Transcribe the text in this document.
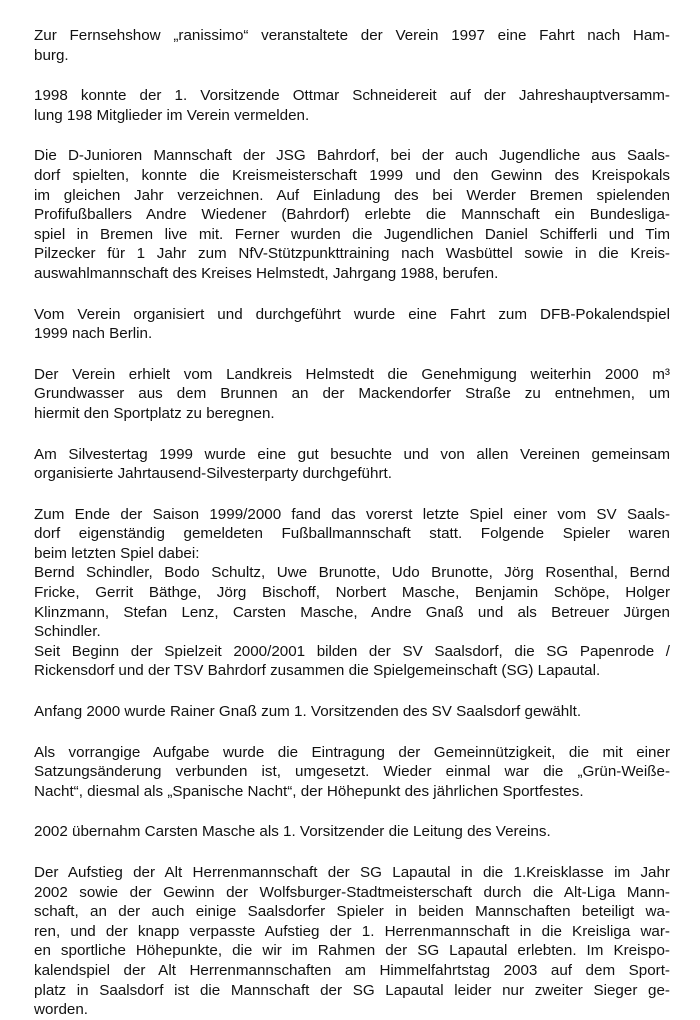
Zur Fernsehshow „ranissimo“ veranstaltete der Verein 1997 eine Fahrt nach Ham-
burg.

1998 konnte der 1. Vorsitzende Ottmar Schneidereit auf der Jahreshauptversamm-
lung 198 Mitglieder im Verein vermelden.

Die D-Junioren Mannschaft der JSG Bahrdorf, bei der auch Jugendliche aus Saals-
dorf spielten, konnte die Kreismeisterschaft 1999 und den Gewinn des Kreispokals
im gleichen Jahr verzeichnen. Auf Einladung des bei Werder Bremen spielenden
Profifußballers Andre Wiedener (Bahrdorf) erlebte die Mannschaft ein Bundesliga-
spiel in Bremen live mit. Ferner wurden die Jugendlichen Daniel Schifferli und Tim
Pilzecker für 1 Jahr zum NfV-Stützpunkttraining nach Wasbüttel sowie in die Kreis-
auswahlmannschaft des Kreises Helmstedt, Jahrgang 1988, berufen.

Vom Verein organisiert und durchgeführt wurde eine Fahrt zum DFB-Pokalendspiel
1999 nach Berlin.

Der Verein erhielt vom Landkreis Helmstedt die Genehmigung weiterhin 2000 m³
Grundwasser aus dem Brunnen an der Mackendorfer Straße zu entnehmen, um
hiermit den Sportplatz zu beregnen.

Am Silvestertag 1999 wurde eine gut besuchte und von allen Vereinen gemeinsam
organisierte Jahrtausend-Silvesterparty durchgeführt.

Zum Ende der Saison 1999/2000 fand das vorerst letzte Spiel einer vom SV Saals-
dorf eigenständig gemeldeten Fußballmannschaft statt. Folgende Spieler waren
beim letzten Spiel dabei:
Bernd Schindler, Bodo Schultz, Uwe Brunotte, Udo Brunotte, Jörg Rosenthal, Bernd
Fricke, Gerrit Bäthge, Jörg Bischoff, Norbert Masche, Benjamin Schöpe, Holger
Klinzmann, Stefan Lenz, Carsten Masche, Andre Gnaß und als Betreuer Jürgen
Schindler.
Seit Beginn der Spielzeit 2000/2001 bilden der SV Saalsdorf, die SG Papenrode /
Rickensdorf und der TSV Bahrdorf zusammen die Spielgemeinschaft (SG) Lapautal.

Anfang 2000 wurde Rainer Gnaß zum 1. Vorsitzenden des SV Saalsdorf gewählt.

Als vorrangige Aufgabe wurde die Eintragung der Gemeinnützigkeit, die mit einer
Satzungsänderung verbunden ist, umgesetzt. Wieder einmal war die „Grün-Weiße-
Nacht“, diesmal als „Spanische Nacht“, der Höhepunkt des jährlichen Sportfestes.

2002 übernahm Carsten Masche als 1. Vorsitzender die Leitung des Vereins.

Der Aufstieg der Alt Herrenmannschaft der SG Lapautal in die 1.Kreisklasse im Jahr
2002 sowie der Gewinn der Wolfsburger-Stadtmeisterschaft durch die Alt-Liga Mann-
schaft, an der auch einige Saalsdorfer Spieler in beiden Mannschaften beteiligt wa-
ren, und der knapp verpasste Aufstieg der 1. Herrenmannschaft in die Kreisliga war-
en sportliche Höhepunkte, die wir im Rahmen der SG Lapautal erlebten. Im Kreispo-
kalendspiel der Alt Herrenmannschaften am Himmelfahrtstag 2003 auf dem Sport-
platz in Saalsdorf ist die Mannschaft der SG Lapautal leider nur zweiter Sieger ge-
worden.
